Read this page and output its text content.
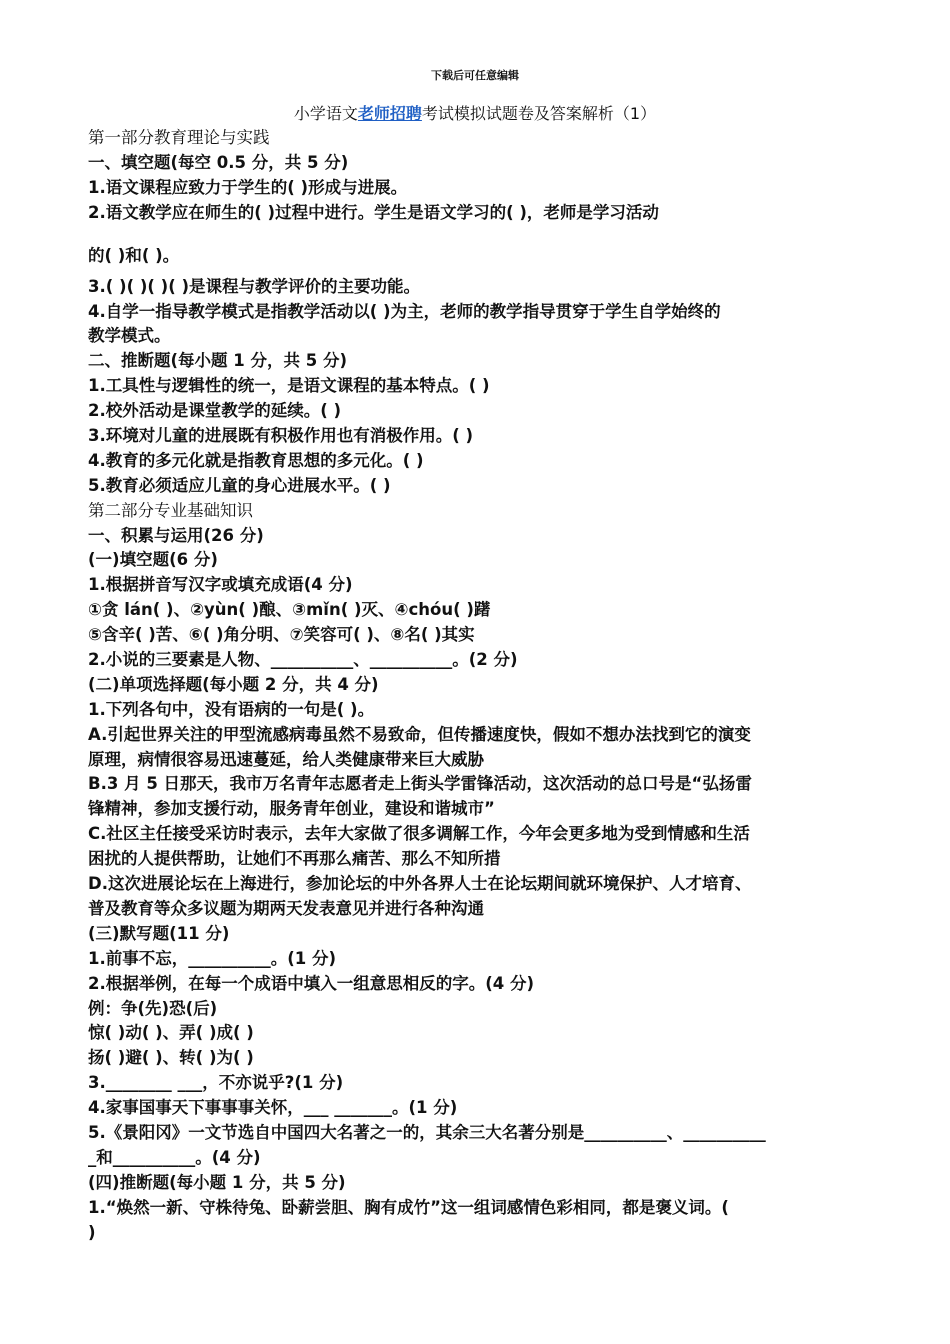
下载后可任意编辑
小学语文老师招聘考试模拟试题卷及答案解析（1）
第一部分教育理论与实践
一、填空题(每空 0.5 分，共 5 分)
1.语文课程应致力于学生的( )形成与进展。
2.语文教学应在师生的( )过程中进行。学生是语文学习的( )，老师是学习活动
的( )和( )。
3.( )( )( )( )是课程与教学评价的主要功能。
4.自学一指导教学模式是指教学活动以( )为主，老师的教学指导贯穿于学生自学始终的
教学模式。
二、推断题(每小题 1 分，共 5 分)
1.工具性与逻辑性的统一，是语文课程的基本特点。( )
2.校外活动是课堂教学的延续。( )
3.环境对儿童的进展既有积极作用也有消极作用。( )
4.教育的多元化就是指教育思想的多元化。( )
5.教育必须适应儿童的身心进展水平。( )
第二部分专业基础知识
一、积累与运用(26 分)
(一)填空题(6 分)
1.根据拼音写汉字或填充成语(4 分)
①贪 lán( )、②yùn( )酿、③mǐn( )灭、④chóu( )躇
⑤含辛( )苦、⑥( )角分明、⑦笑容可( )、⑧名( )其实
2.小说的三要素是人物、__________、__________。(2 分)
(二)单项选择题(每小题 2 分，共 4 分)
1.下列各句中，没有语病的一句是( )。
A.引起世界关注的甲型流感病毒虽然不易致命，但传播速度快，假如不想办法找到它的演变
原理，病情很容易迅速蔓延，给人类健康带来巨大威胁
B.3 月 5 日那天，我市万名青年志愿者走上街头学雷锋活动，这次活动的总口号是“弘扬雷
锋精神，参加支援行动，服务青年创业，建设和谐城市”
C.社区主任接受采访时表示，去年大家做了很多调解工作，今年会更多地为受到情感和生活
困扰的人提供帮助，让她们不再那么痛苦、那么不知所措
D.这次进展论坛在上海进行，参加论坛的中外各界人士在论坛期间就环境保护、人才培育、
普及教育等众多议题为期两天发表意见并进行各种沟通
(三)默写题(11 分)
1.前事不忘，__________。(1 分)
2.根据举例，在每一个成语中填入一组意思相反的字。(4 分)
例：争(先)恐(后)
惊( )动( )、弄( )成( )
扬( )避( )、转( )为( )
3.________ ___，不亦说乎?(1 分)
4.家事国事天下事事事关怀，___ _______。(1 分)
5.《景阳冈》一文节选自中国四大名著之一的，其余三大名著分别是__________、__________
_和__________。(4 分)
(四)推断题(每小题 1 分，共 5 分)
1.“焕然一新、守株待兔、卧薪尝胆、胸有成竹”这一组词感情色彩相同，都是褒义词。(
)
